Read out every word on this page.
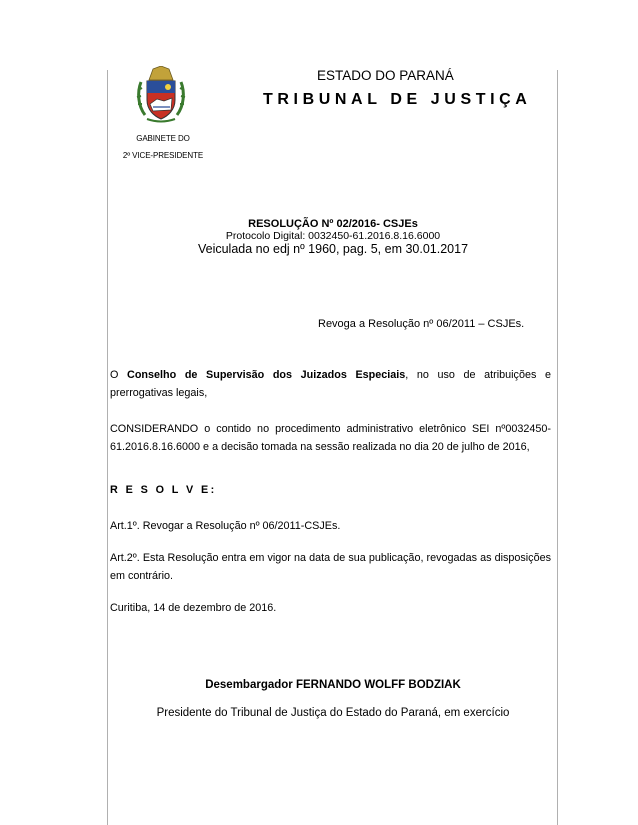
GABINETE DO
2º VICE-PRESIDENTE
ESTADO DO PARANÁ
TRIBUNAL DE JUSTIÇA
RESOLUÇÃO Nº 02/2016- CSJEs
Protocolo Digital: 0032450-61.2016.8.16.6000
Veiculada no edj nº 1960, pag. 5, em 30.01.2017
Revoga a Resolução nº 06/2011 – CSJEs.
O Conselho de Supervisão dos Juizados Especiais, no uso de atribuições e
prerrogativas legais,
CONSIDERANDO o contido no procedimento administrativo eletrônico SEI nº0032450-
61.2016.8.16.6000 e a decisão tomada na sessão realizada no dia 20 de julho de 2016,
R E S O L V E:
Art.1º. Revogar a Resolução nº 06/2011-CSJEs.
Art.2º. Esta Resolução entra em vigor na data de sua publicação, revogadas as disposições
em contrário.
Curitiba, 14 de dezembro de 2016.
Desembargador FERNANDO WOLFF BODZIAK
Presidente do Tribunal de Justiça do Estado do Paraná, em exercício
